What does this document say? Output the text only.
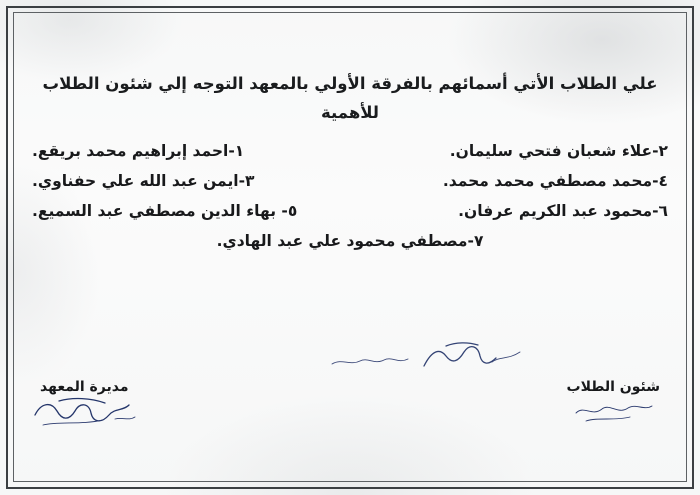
علي الطلاب الأتي أسمائهم بالفرقة الأولي بالمعهد التوجه إلي شئون الطلاب للأهمية
٢-علاء شعبان فتحي سليمان.
١-احمد إبراهيم محمد بريقع.
٤-محمد مصطفي محمد محمد.
٣-ايمن عبد الله علي حفناوي.
٦-محمود عبد الكريم عرفان.
٥- بهاء الدين مصطفي عبد السميع.
٧-مصطفي محمود علي عبد الهادي.
شئون الطلاب
مديرة المعهد
